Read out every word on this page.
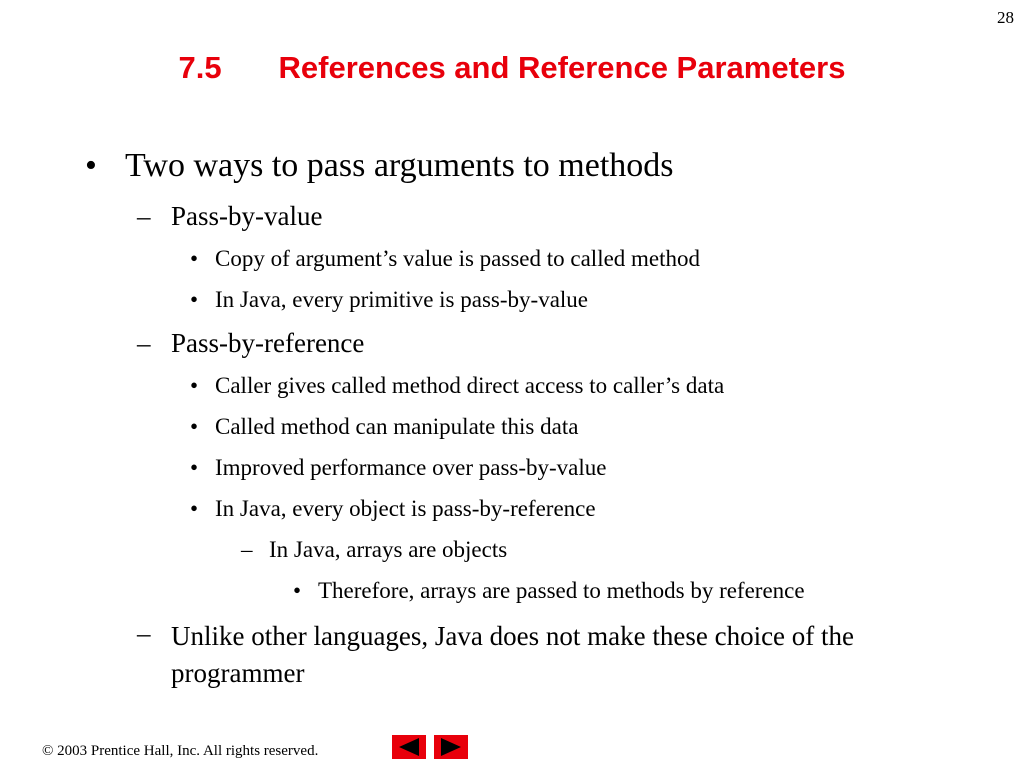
28
7.5 References and Reference Parameters
• Two ways to pass arguments to methods
– Pass-by-value
• Copy of argument’s value is passed to called method
• In Java, every primitive is pass-by-value
– Pass-by-reference
• Caller gives called method direct access to caller’s data
• Called method can manipulate this data
• Improved performance over pass-by-value
• In Java, every object is pass-by-reference
– In Java, arrays are objects
• Therefore, arrays are passed to methods by reference
– Unlike other languages, Java does not make these choice of the programmer
© 2003 Prentice Hall, Inc. All rights reserved.
